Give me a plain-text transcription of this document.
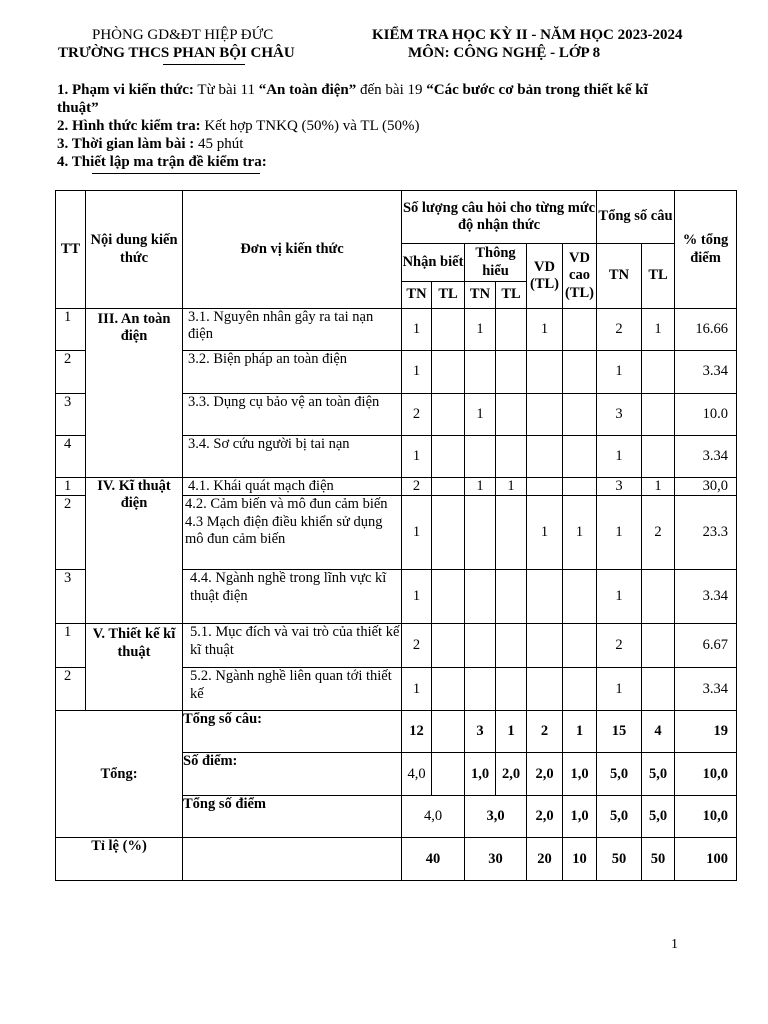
PHÒNG GD&ĐT HIỆP ĐỨC
TRƯỜNG THCS PHAN BỘI CHÂU
KIỂM TRA HỌC KỲ II - NĂM HỌC 2023-2024
MÔN: CÔNG NGHỆ - LỚP 8
1. Phạm vi kiến thức: Từ bài 11 “An toàn điện” đến bài 19 “Các bước cơ bản trong thiết kế kĩ
thuật”
2. Hình thức kiểm tra: Kết hợp TNKQ (50%) và TL (50%)
3. Thời gian làm bài : 45 phút
4. Thiết lập ma trận đề kiểm tra:
TT	Nội dung kiến thức	Đơn vị kiến thức	Số lượng câu hỏi cho từng mức độ nhận thức						Tổng số câu		% tổng điểm
			Nhận biết		Thông hiểu		VD (TL)	VD cao (TL)	TN	TL	
			TN	TL	TN	TL					
1	III. An toàn điện	3.1. Nguyên nhân gây ra tai nạn điện	1		1		1		2	1	16.66
2		3.2. Biện pháp an toàn điện	1						1		3.34
3		3.3. Dụng cụ bảo vệ an toàn điện	2		1				3		10.0
4		3.4. Sơ cứu người bị tai nạn	1						1		3.34
1	IV. Kĩ thuật điện	4.1. Khái quát mạch điện	2		1	1			3	1	30,0
2		4.2. Cảm biến và mô đun cảm biến
4.3 Mạch điện điều khiển sử dụng mô đun cảm biến	1				1	1	1	2	23.3
3		4.4. Ngành nghề trong lĩnh vực kĩ thuật điện	1						1		3.34
1	V. Thiết kế kĩ thuật	5.1. Mục đích và vai trò của thiết kế kĩ thuật	2						2		6.67
2		5.2. Ngành nghề liên quan tới thiết kế	1						1		3.34
Tổng:		Tổng số câu:	12		3	1	2	1	15	4	19
		Số điểm:	4,0		1,0	2,0	2,0	1,0	5,0	5,0	10,0
		Tổng số điểm	4,0		3,0		2,0	1,0	5,0	5,0	10,0
Tỉ lệ (%)			40		30		20	10	50	50	100
1
